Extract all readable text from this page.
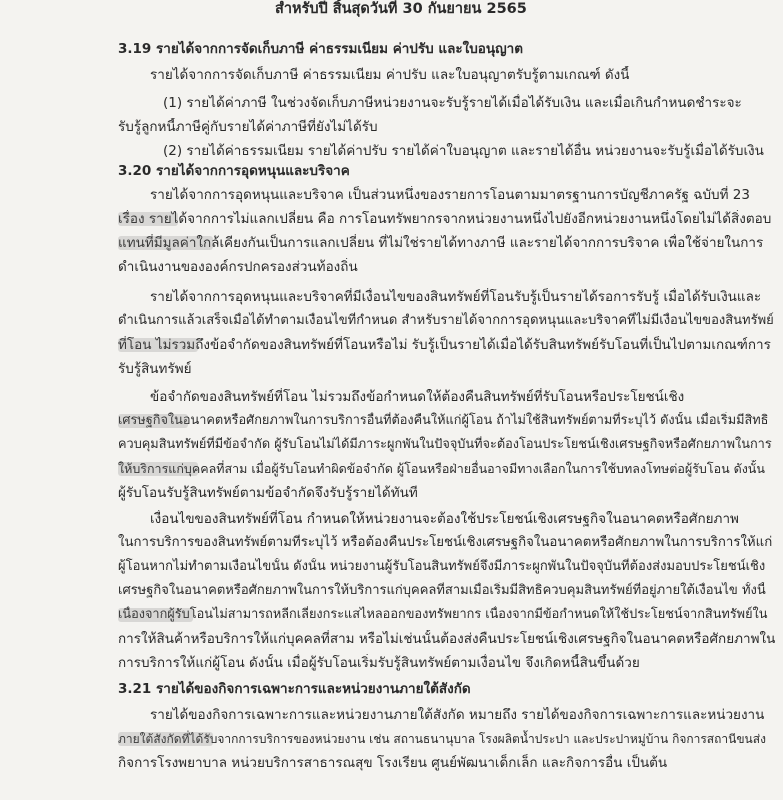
สำหรับปี สิ้นสุดวันที่ 30 กันยายน 2565
3.19 รายได้จากการจัดเก็บภาษี ค่าธรรมเนียม ค่าปรับ และใบอนุญาต
รายได้จากการจัดเก็บภาษี ค่าธรรมเนียม ค่าปรับ และใบอนุญาตรับรู้ตามเกณฑ์ ดังนี้
(1) รายได้ค่าภาษี ในช่วงจัดเก็บภาษีหน่วยงานจะรับรู้รายได้เมื่อได้รับเงิน และเมื่อเกินกำหนดชำระจะ
รับรู้ลูกหนี้ภาษีคู่กับรายได้ค่าภาษีที่ยังไม่ได้รับ
(2) รายได้ค่าธรรมเนียม รายได้ค่าปรับ รายได้ค่าใบอนุญาต และรายได้อื่น หน่วยงานจะรับรู้เมื่อได้รับเงิน
3.20 รายได้จากการอุดหนุนและบริจาค
รายได้จากการอุดหนุนและบริจาค เป็นส่วนหนึ่งของรายการโอนตามมาตรฐานการบัญชีภาครัฐ ฉบับที่ 23
เรื่อง รายได้จากการไม่แลกเปลี่ยน คือ การโอนทรัพยากรจากหน่วยงานหนึ่งไปยังอีกหน่วยงานหนึ่งโดยไม่ได้สิ่งตอบ
แทนที่มีมูลค่าใกล้เคียงกันเป็นการแลกเปลี่ยน ที่ไม่ใช่รายได้ทางภาษี และรายได้จากการบริจาค เพื่อใช้จ่ายในการ
ดำเนินงานขององค์กรปกครองส่วนท้องถิ่น
รายได้จากการอุดหนุนและบริจาคที่มีเงื่อนไขของสินทรัพย์ที่โอนรับรู้เป็นรายได้รอการรับรู้ เมื่อได้รับเงินและ
ดำเนินการแล้วเสร็จเมื่อได้ทำตามเงื่อนไขที่กำหนด สำหรับรายได้จากการอุดหนุนและบริจาคที่ไม่มีเงื่อนไขของสินทรัพย์
ที่โอน ไม่รวมถึงข้อจำกัดของสินทรัพย์ที่โอนหรือไม่ รับรู้เป็นรายได้เมื่อได้รับสินทรัพย์รับโอนที่เป็นไปตามเกณฑ์การ
รับรู้สินทรัพย์
ข้อจำกัดของสินทรัพย์ที่โอน ไม่รวมถึงข้อกำหนดให้ต้องคืนสินทรัพย์ที่รับโอนหรือประโยชน์เชิง
เศรษฐกิจในอนาคตหรือศักยภาพในการบริการอื่นที่ต้องคืนให้แก่ผู้โอน ถ้าไม่ใช้สินทรัพย์ตามที่ระบุไว้ ดังนั้น เมื่อเริ่มมีสิทธิ
ควบคุมสินทรัพย์ที่มีข้อจำกัด ผู้รับโอนไม่ได้มีภาระผูกพันในปัจจุบันที่จะต้องโอนประโยชน์เชิงเศรษฐกิจหรือศักยภาพในการ
ให้บริการแก่บุคคลที่สาม เมื่อผู้รับโอนทำผิดข้อจำกัด ผู้โอนหรือฝ่ายอื่นอาจมีทางเลือกในการใช้บทลงโทษต่อผู้รับโอน ดังนั้น
ผู้รับโอนรับรู้สินทรัพย์ตามข้อจำกัดจึงรับรู้รายได้ทันที
เงื่อนไขของสินทรัพย์ที่โอน กำหนดให้หน่วยงานจะต้องใช้ประโยชน์เชิงเศรษฐกิจในอนาคตหรือศักยภาพ
ในการบริการของสินทรัพย์ตามที่ระบุไว้ หรือต้องคืนประโยชน์เชิงเศรษฐกิจในอนาคตหรือศักยภาพในการบริการให้แก่
ผู้โอนหากไม่ทำตามเงื่อนไขนั้น ดังนั้น หน่วยงานผู้รับโอนสินทรัพย์จึงมีภาระผูกพันในปัจจุบันที่ต้องส่งมอบประโยชน์เชิง
เศรษฐกิจในอนาคตหรือศักยภาพในการให้บริการแก่บุคคลที่สามเมื่อเริ่มมีสิทธิควบคุมสินทรัพย์ที่อยู่ภายใต้เงื่อนไข ทั้งนี้
เนื่องจากผู้รับโอนไม่สามารถหลีกเลี่ยงกระแสไหลออกของทรัพยากร เนื่องจากมีข้อกำหนดให้ใช้ประโยชน์จากสินทรัพย์ใน
การให้สินค้าหรือบริการให้แก่บุคคลที่สาม หรือไม่เช่นนั้นต้องส่งคืนประโยชน์เชิงเศรษฐกิจในอนาคตหรือศักยภาพใน
การบริการให้แก่ผู้โอน ดังนั้น เมื่อผู้รับโอนเริ่มรับรู้สินทรัพย์ตามเงื่อนไข จึงเกิดหนี้สินขึ้นด้วย
3.21 รายได้ของกิจการเฉพาะการและหน่วยงานภายใต้สังกัด
รายได้ของกิจการเฉพาะการและหน่วยงานภายใต้สังกัด หมายถึง รายได้ของกิจการเฉพาะการและหน่วยงาน
ภายใต้สังกัดที่ได้รับจากการบริการของหน่วยงาน เช่น สถานธนานุบาล โรงผลิตน้ำประปา และประปาหมู่บ้าน กิจการสถานีขนส่ง
กิจการโรงพยาบาล หน่วยบริการสาธารณสุข โรงเรียน ศูนย์พัฒนาเด็กเล็ก และกิจการอื่น เป็นต้น
